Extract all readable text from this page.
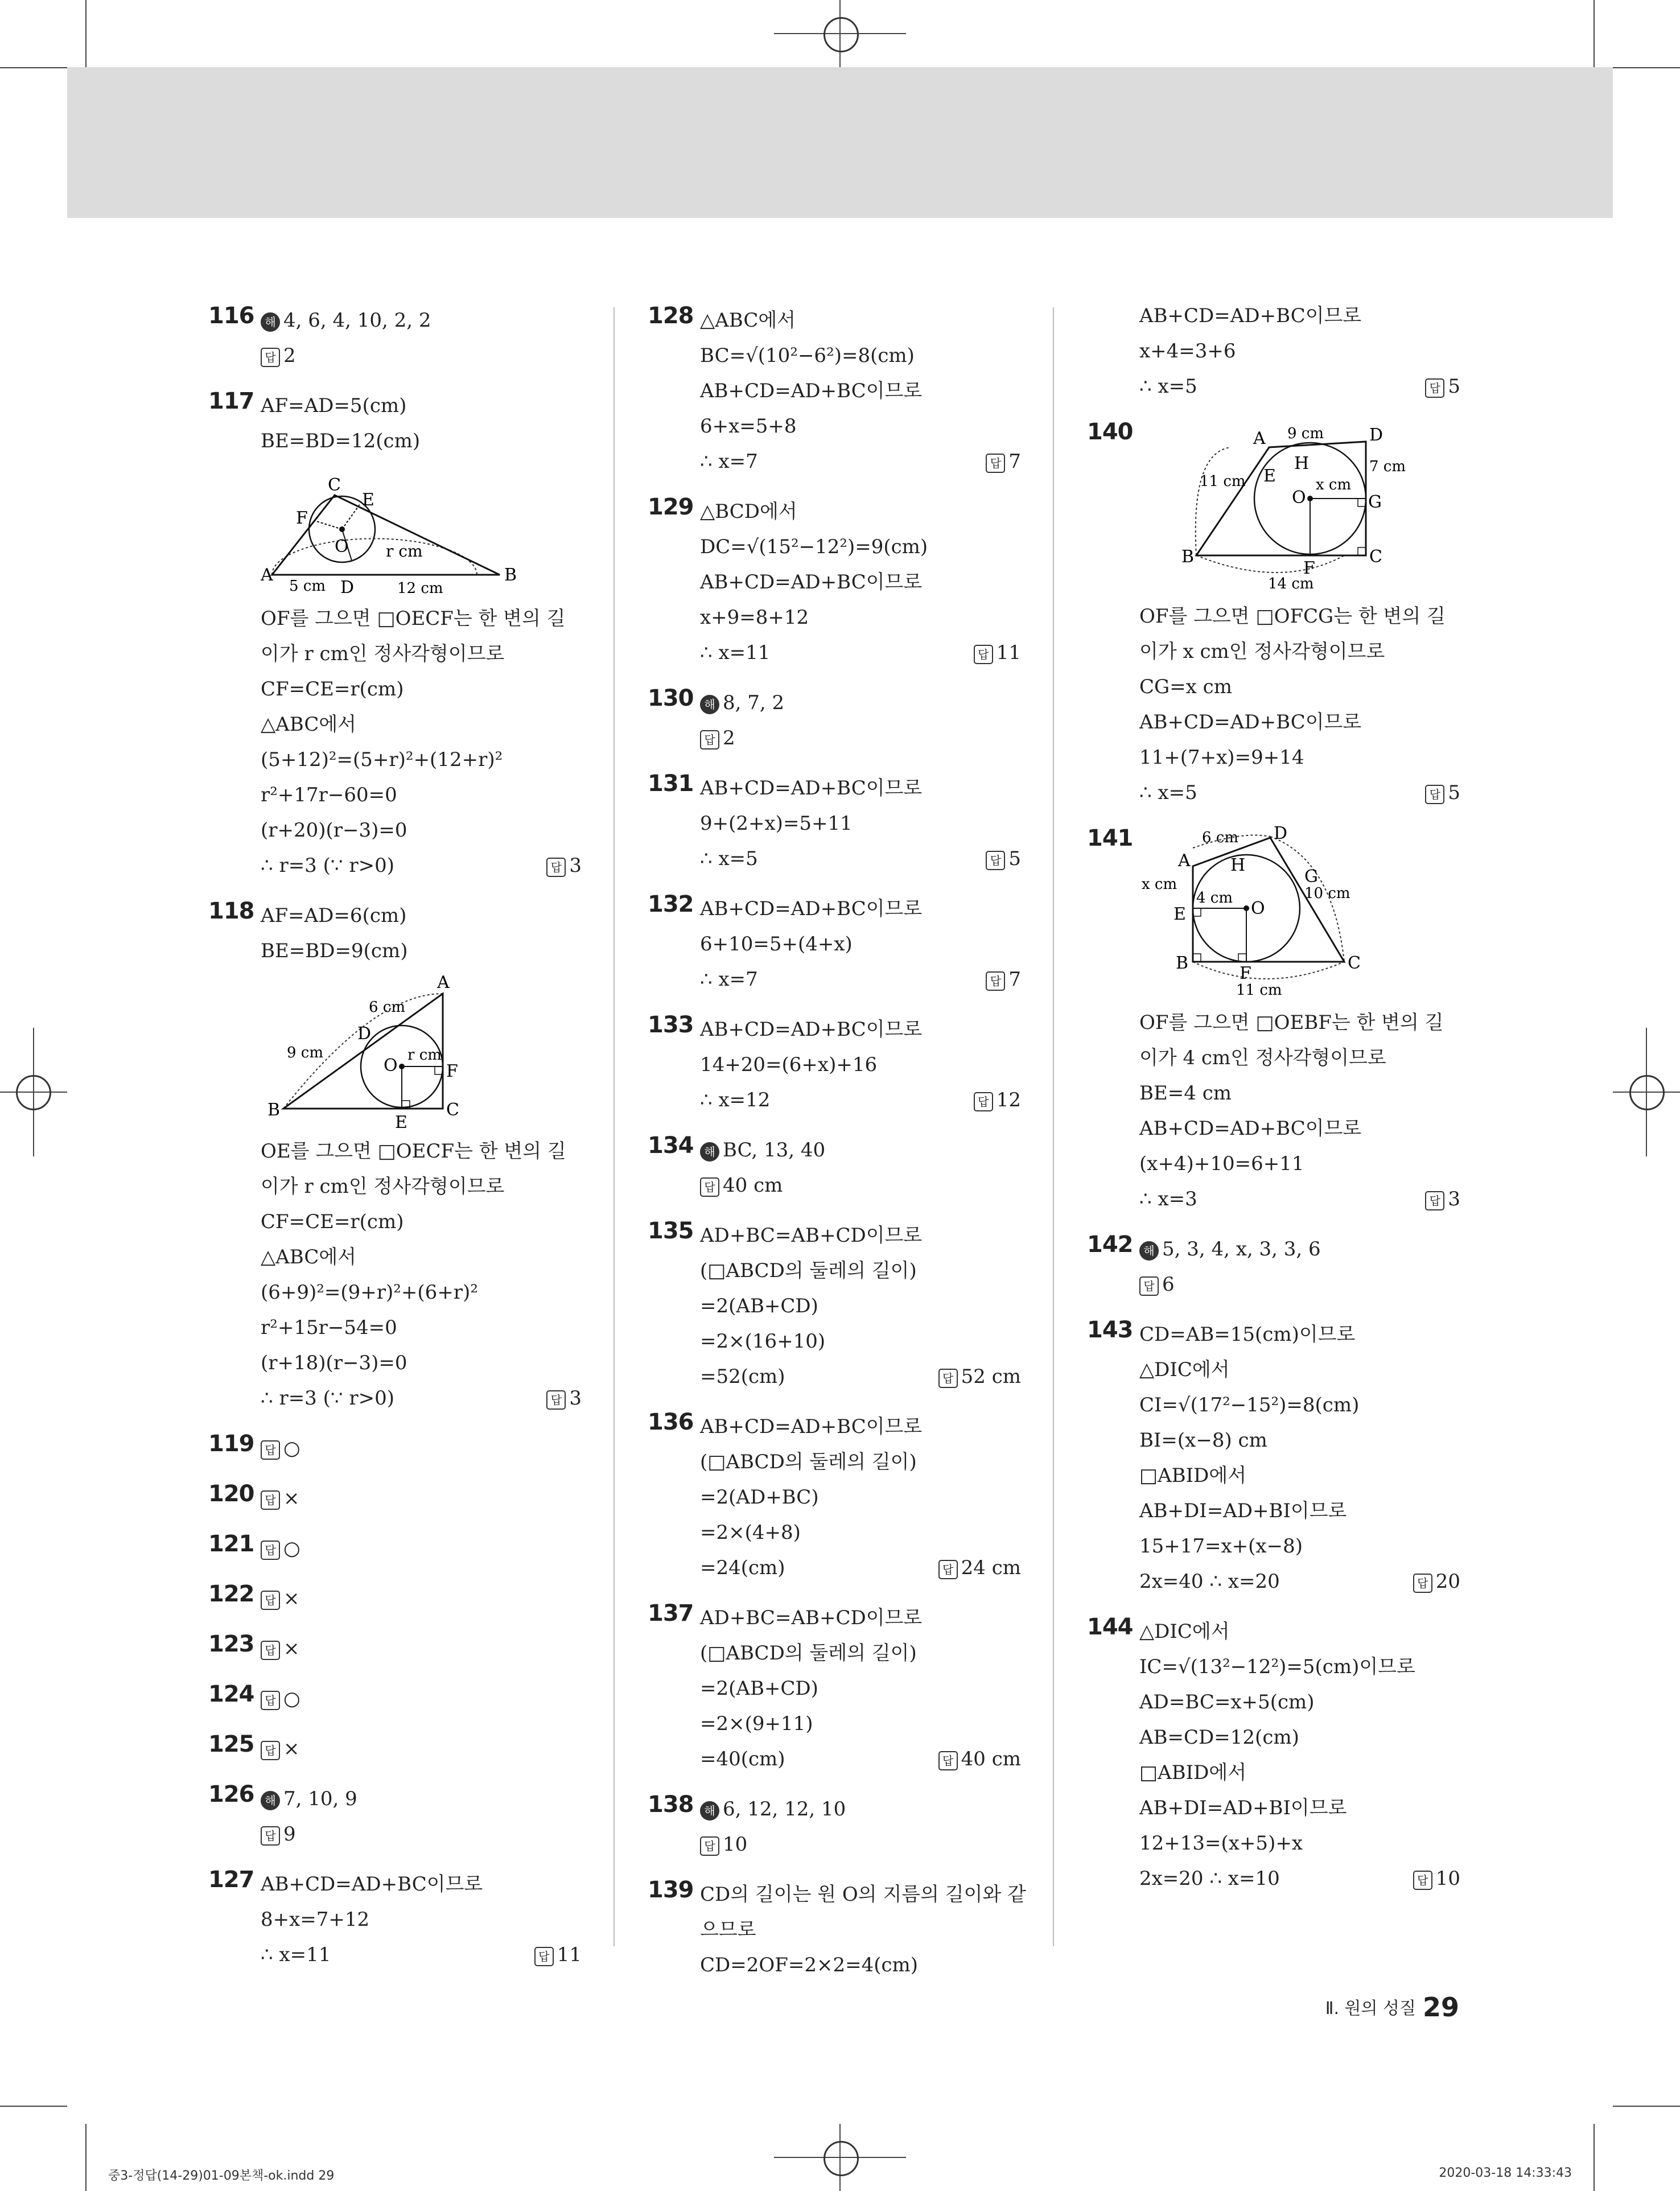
116 해 4, 6, 4, 10, 2, 2
답 2
117 AF=AD=5(cm)
BE=BD=12(cm)
C
E
F
O r cm
A
5 cm D	12 cm
B
OF를 그으면 □OECF는 한 변의 길
이가 r cm인 정사각형이므로
CF=CE=r(cm)
△ABC에서
(5+12)²=(5+r)²+(12+r)²
r²+17r−60=0
(r+20)(r−3)=0
∴ r=3 (∵ r>0)	답 3
118 AF=AD=6(cm)
BE=BD=9(cm)
A
6 cm
D
9 cm
O
r cm
F
B
E
C
OE를 그으면 □OECF는 한 변의 길
이가 r cm인 정사각형이므로
CF=CE=r(cm)
△ABC에서
(6+9)²=(9+r)²+(6+r)²
r²+15r−54=0
(r+18)(r−3)=0
∴ r=3 (∵ r>0)	답 3
119 답 ○
120 답 ×
121 답 ○
122 답 ×
123 답 ×
124 답 ○
125 답 ×
126 해 7, 10, 9
답 9
127 AB+CD=AD+BC이므로
8+x=7+12
∴ x=11	답 11
128 △ABC에서
BC=√(10²−6²)=8(cm)
AB+CD=AD+BC이므로
6+x=5+8
∴ x=7	답 7
129 △BCD에서
DC=√(15²−12²)=9(cm)
AB+CD=AD+BC이므로
x+9=8+12
∴ x=11	답 11
130 해 8, 7, 2
답 2
131 AB+CD=AD+BC이므로
9+(2+x)=5+11
∴ x=5	답 5
132 AB+CD=AD+BC이므로
6+10=5+(4+x)
∴ x=7	답 7
133 AB+CD=AD+BC이므로
14+20=(6+x)+16
∴ x=12	답 12
134 해 BC, 13, 40
답 40 cm
135 AD+BC=AB+CD이므로
(□ABCD의 둘레의 길이)
=2(AB+CD)
=2×(16+10)
=52(cm)	답 52 cm
136 AB+CD=AD+BC이므로
(□ABCD의 둘레의 길이)
=2(AD+BC)
=2×(4+8)
=24(cm)	답 24 cm
137 AD+BC=AB+CD이므로
(□ABCD의 둘레의 길이)
=2(AB+CD)
=2×(9+11)
=40(cm)	답 40 cm
138 해 6, 12, 12, 10
답 10
139 CD의 길이는 원 O의 지름의 길이와 같
으므로
CD=2OF=2×2=4(cm)
AB+CD=AD+BC이므로
x+4=3+6
∴ x=5	답 5
140	A 9 cm	D
H
11 cm E	x cm
7 cm
O	G
B
F
C
14 cm
OF를 그으면 □OFCG는 한 변의 길
이가 x cm인 정사각형이므로
CG=x cm
AB+CD=AD+BC이므로
11+(7+x)=9+14
∴ x=5	답 5
141	6 cm D
A H
G
x cm
4 cm	10 cm
O
E
B
F
C
11 cm
OF를 그으면 □OEBF는 한 변의 길
이가 4 cm인 정사각형이므로
BE=4 cm
AB+CD=AD+BC이므로
(x+4)+10=6+11
∴ x=3	답 3
142 해 5, 3, 4, x, 3, 3, 6
답 6
143 CD=AB=15(cm)이므로
△DIC에서
CI=√(17²−15²)=8(cm)
BI=(x−8) cm
□ABID에서
AB+DI=AD+BI이므로
15+17=x+(x−8)
2x=40 ∴ x=20	답 20
144 △DIC에서
IC=√(13²−12²)=5(cm)이므로
AD=BC=x+5(cm)
AB=CD=12(cm)
□ABID에서
AB+DI=AD+BI이므로
12+13=(x+5)+x
2x=20 ∴ x=10	답 10
Ⅱ. 원의 성질 29
중3-정답(14-29)01-09본책-ok.indd 29	2020-03-18 14:33:43
